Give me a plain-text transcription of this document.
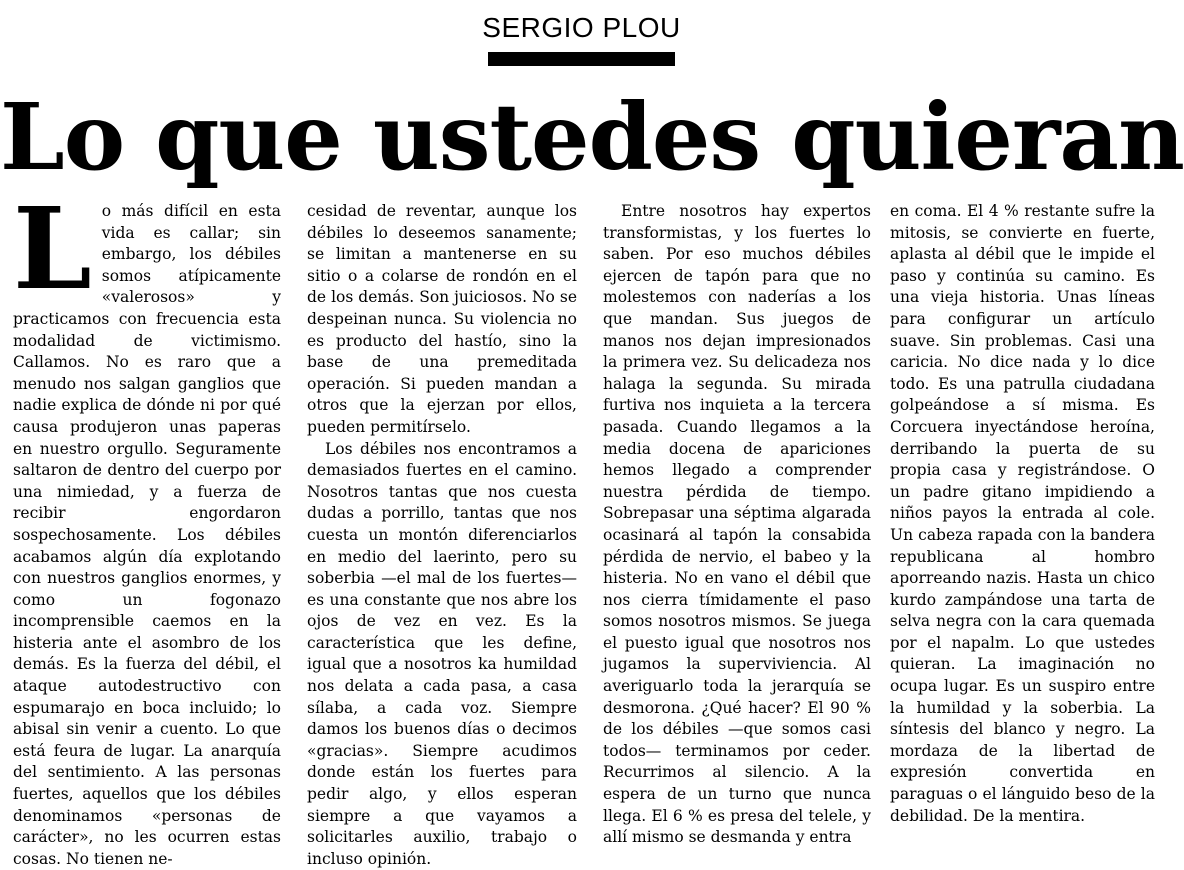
SERGIO PLOU
Lo que ustedes quieran

Lo más difícil en esta vida es callar; sin embargo, los débiles somos atípicamente «valerosos» y practicamos con frecuencia esta modalidad de victimismo. Callamos. No es raro que a menudo nos salgan ganglios que nadie explica de dónde ni por qué causa produjeron unas paperas en nuestro orgullo. Seguramente saltaron de dentro del cuerpo por una nimiedad, y a fuerza de recibir engordaron sospechosamente. Los débiles acabamos algún día explotando con nuestros ganglios enormes, y como un fogonazo incomprensible caemos en la histeria ante el asombro de los demás. Es la fuerza del débil, el ataque autodestructivo con espumarajo en boca incluido; lo abisal sin venir a cuento. Lo que está feura de lugar. La anarquía del sentimiento. A las personas fuertes, aquellos que los débiles denominamos «personas de carácter», no les ocurren estas cosas. No tienen ne-

cesidad de reventar, aunque los débiles lo deseemos sanamente; se limitan a mantenerse en su sitio o a colarse de rondón en el de los demás. Son juiciosos. No se despeinan nunca. Su violencia no es producto del hastío, sino la base de una premeditada operación. Si pueden mandan a otros que la ejerzan por ellos, pueden permitírselo.

Los débiles nos encontramos a demasiados fuertes en el camino. Nosotros tantas que nos cuesta dudas a porrillo, tantas que nos cuesta un montón diferenciarlos en medio del laerinto, pero su soberbia —el mal de los fuertes— es una constante que nos abre los ojos de vez en vez. Es la característica que les define, igual que a nosotros ka humildad nos delata a cada pasa, a casa sílaba, a cada voz. Siempre damos los buenos días o decimos «gracias». Siempre acudimos donde están los fuertes para pedir algo, y ellos esperan siempre a que vayamos a solicitarles auxilio, trabajo o incluso opinión.

Entre nosotros hay expertos transformistas, y los fuertes lo saben. Por eso muchos débiles ejercen de tapón para que no molestemos con naderías a los que mandan. Sus juegos de manos nos dejan impresionados la primera vez. Su delicadeza nos halaga la segunda. Su mirada furtiva nos inquieta a la tercera pasada. Cuando llegamos a la media docena de apariciones hemos llegado a comprender nuestra pérdida de tiempo. Sobrepasar una séptima algarada ocasinará al tapón la consabida pérdida de nervio, el babeo y la histeria. No en vano el débil que nos cierra tímidamente el paso somos nosotros mismos. Se juega el puesto igual que nosotros nos jugamos la superviviencia. Al averiguarlo toda la jerarquía se desmorona. ¿Qué hacer? El 90 % de los débiles —que somos casi todos— terminamos por ceder. Recurrimos al silencio. A la espera de un turno que nunca llega. El 6 % es presa del telele, y allí mismo se desmanda y entra

en coma. El 4 % restante sufre la mitosis, se convierte en fuerte, aplasta al débil que le impide el paso y continúa su camino. Es una vieja historia. Unas líneas para configurar un artículo suave. Sin problemas. Casi una caricia. No dice nada y lo dice todo. Es una patrulla ciudadana golpeándose a sí misma. Es Corcuera inyectándose heroína, derribando la puerta de su propia casa y registrándose. O un padre gitano impidiendo a niños payos la entrada al cole. Un cabeza rapada con la bandera republicana al hombro aporreando nazis. Hasta un chico kurdo zampándose una tarta de selva negra con la cara quemada por el napalm. Lo que ustedes quieran. La imaginación no ocupa lugar. Es un suspiro entre la humildad y la soberbia. La síntesis del blanco y negro. La mordaza de la libertad de expresión convertida en paraguas o el lánguido beso de la debilidad. De la mentira.
